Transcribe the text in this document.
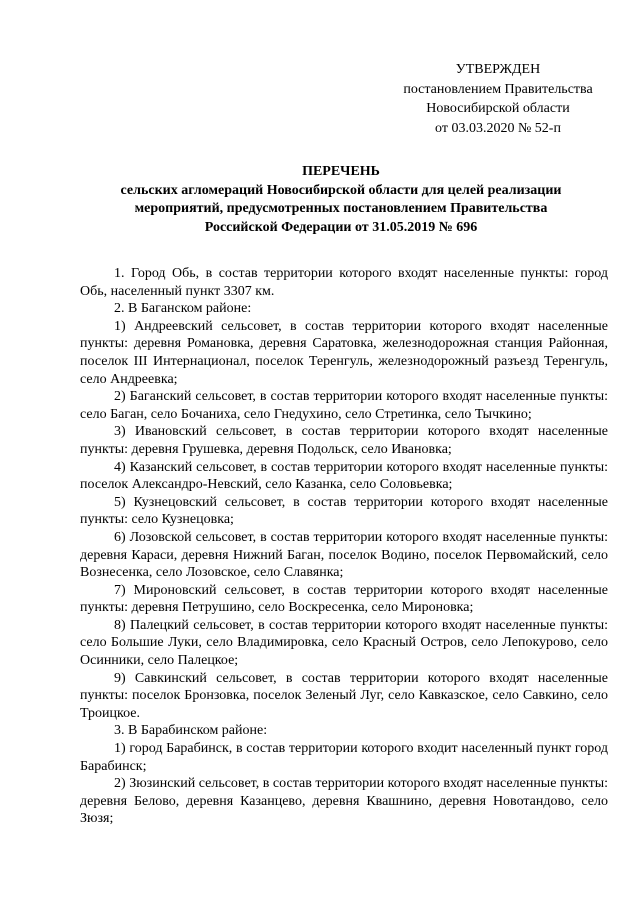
УТВЕРЖДЕН
постановлением Правительства
Новосибирской области
от 03.03.2020 № 52-п
ПЕРЕЧЕНЬ
сельских агломераций Новосибирской области для целей реализации
мероприятий, предусмотренных постановлением Правительства
Российской Федерации от 31.05.2019 № 696

1. Город Обь, в состав территории которого входят населенные пункты: город Обь, населенный пункт 3307 км.

2. В Баганском районе:

1) Андреевский сельсовет, в состав территории которого входят населенные пункты: деревня Романовка, деревня Саратовка, железнодорожная станция Районная, поселок III Интернационал, поселок Теренгуль, железнодорожный разъезд Теренгуль, село Андреевка;

2) Баганский сельсовет, в состав территории которого входят населенные пункты: село Баган, село Бочаниха, село Гнедухино, село Стретинка, село Тычкино;

3) Ивановский сельсовет, в состав территории которого входят населенные пункты: деревня Грушевка, деревня Подольск, село Ивановка;

4) Казанский сельсовет, в состав территории которого входят населенные пункты: поселок Александро-Невский, село Казанка, село Соловьевка;

5) Кузнецовский сельсовет, в состав территории которого входят населенные пункты: село Кузнецовка;

6) Лозовской сельсовет, в состав территории которого входят населенные пункты: деревня Караси, деревня Нижний Баган, поселок Водино, поселок Первомайский, село Вознесенка, село Лозовское, село Славянка;

7) Мироновский сельсовет, в состав территории которого входят населенные пункты: деревня Петрушино, село Воскресенка, село Мироновка;

8) Палецкий сельсовет, в состав территории которого входят населенные пункты: село Большие Луки, село Владимировка, село Красный Остров, село Лепокурово, село Осинники, село Палецкое;

9) Савкинский сельсовет, в состав территории которого входят населенные пункты: поселок Бронзовка, поселок Зеленый Луг, село Кавказское, село Савкино, село Троицкое.

3. В Барабинском районе:

1) город Барабинск, в состав территории которого входит населенный пункт город Барабинск;

2) Зюзинский сельсовет, в состав территории которого входят населенные пункты: деревня Белово, деревня Казанцево, деревня Квашнино, деревня Новотандово, село Зюзя;
